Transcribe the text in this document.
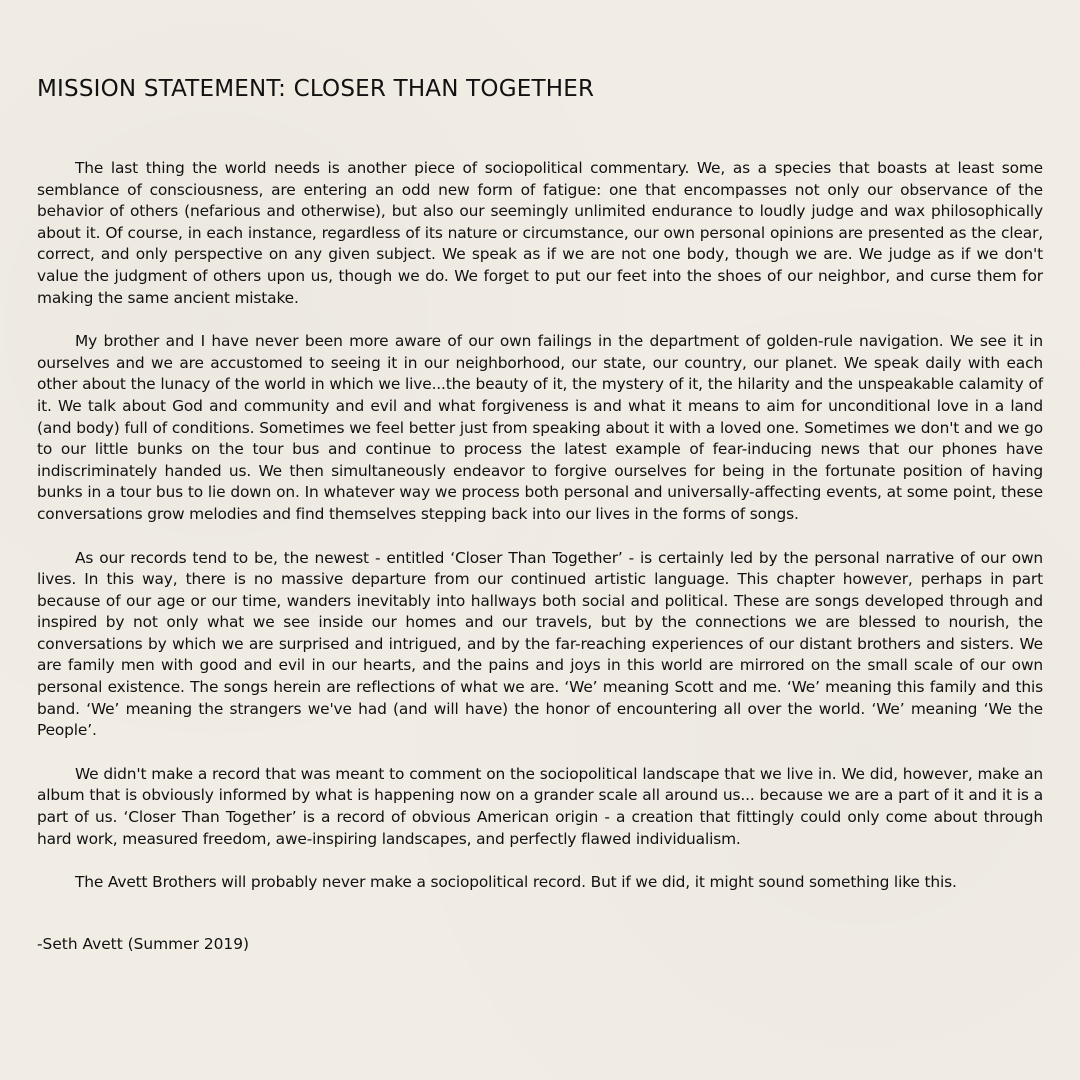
MISSION STATEMENT: CLOSER THAN TOGETHER

The last thing the world needs is another piece of sociopolitical commentary. We, as a species that boasts at least some semblance of consciousness, are entering an odd new form of fatigue: one that encompasses not only our observance of the behavior of others (nefarious and otherwise), but also our seemingly unlimited endurance to loudly judge and wax philosophically about it. Of course, in each instance, regardless of its nature or circumstance, our own personal opinions are presented as the clear, correct, and only perspective on any given subject. We speak as if we are not one body, though we are. We judge as if we don't value the judgment of others upon us, though we do. We forget to put our feet into the shoes of our neighbor, and curse them for making the same ancient mistake.

My brother and I have never been more aware of our own failings in the department of golden-rule navigation. We see it in ourselves and we are accustomed to seeing it in our neighborhood, our state, our country, our planet. We speak daily with each other about the lunacy of the world in which we live...the beauty of it, the mystery of it, the hilarity and the unspeakable calamity of it. We talk about God and community and evil and what forgiveness is and what it means to aim for unconditional love in a land (and body) full of conditions. Sometimes we feel better just from speaking about it with a loved one. Sometimes we don't and we go to our little bunks on the tour bus and continue to process the latest example of fear-inducing news that our phones have indiscriminately handed us. We then simultaneously endeavor to forgive ourselves for being in the fortunate position of having bunks in a tour bus to lie down on. In whatever way we process both personal and universally-affecting events, at some point, these conversations grow melodies and find themselves stepping back into our lives in the forms of songs.

As our records tend to be, the newest - entitled ‘Closer Than Together’ - is certainly led by the personal narrative of our own lives. In this way, there is no massive departure from our continued artistic language. This chapter however, perhaps in part because of our age or our time, wanders inevitably into hallways both social and political. These are songs developed through and inspired by not only what we see inside our homes and our travels, but by the connections we are blessed to nourish, the conversations by which we are surprised and intrigued, and by the far-reaching experiences of our distant brothers and sisters. We are family men with good and evil in our hearts, and the pains and joys in this world are mirrored on the small scale of our own personal existence. The songs herein are reflections of what we are. ‘We’ meaning Scott and me. ‘We’ meaning this family and this band. ‘We’ meaning the strangers we've had (and will have) the honor of encountering all over the world. ‘We’ meaning ‘We the People’.

We didn't make a record that was meant to comment on the sociopolitical landscape that we live in. We did, however, make an album that is obviously informed by what is happening now on a grander scale all around us... because we are a part of it and it is a part of us. ‘Closer Than Together’ is a record of obvious American origin - a creation that fittingly could only come about through hard work, measured freedom, awe-inspiring landscapes, and perfectly flawed individualism.

The Avett Brothers will probably never make a sociopolitical record. But if we did, it might sound something like this.

-Seth Avett (Summer 2019)
